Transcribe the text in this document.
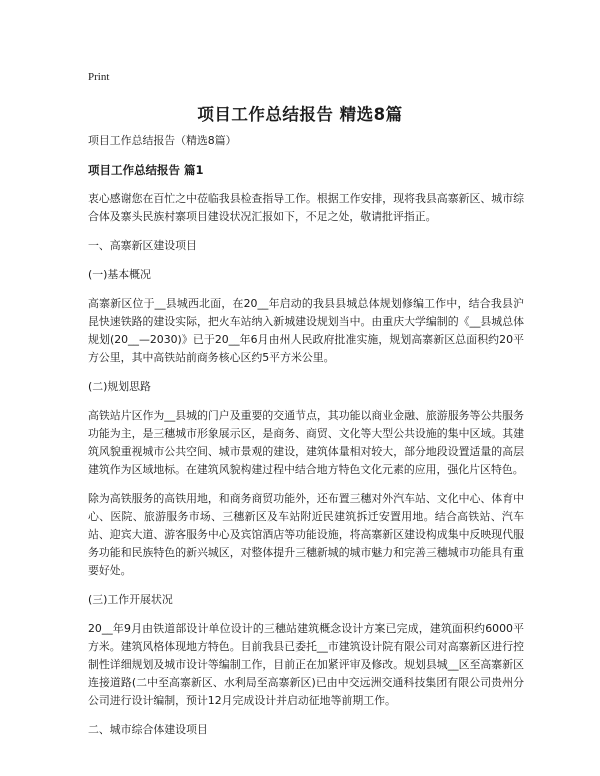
Print
项目工作总结报告 精选8篇

项目工作总结报告（精选8篇）

项目工作总结报告 篇1

衷心感谢您在百忙之中莅临我县检查指导工作。根据工作安排，现将我县高寨新区、城市综合体及寨头民族村寨项目建设状况汇报如下，不足之处，敬请批评指正。

一、高寨新区建设项目

(一)基本概况

高寨新区位于__县城西北面，在20__年启动的我县县城总体规划修编工作中，结合我县沪昆快速铁路的建设实际，把火车站纳入新城建设规划当中。由重庆大学编制的《__县城总体规划(20__—2030)》已于20__年6月由州人民政府批准实施，规划高寨新区总面积约20平方公里，其中高铁站前商务核心区约5平方米公里。

(二)规划思路

高铁站片区作为__县城的门户及重要的交通节点，其功能以商业金融、旅游服务等公共服务功能为主，是三穗城市形象展示区，是商务、商贸、文化等大型公共设施的集中区域。其建筑风貌重视城市公共空间、城市景观的建设，建筑体量相对较大，部分地段设置适量的高层建筑作为区域地标。在建筑风貌构建过程中结合地方特色文化元素的应用，强化片区特色。

除为高铁服务的高铁用地，和商务商贸功能外，还布置三穗对外汽车站、文化中心、体育中心、医院、旅游服务市场、三穗新区及车站附近民建筑拆迁安置用地。结合高铁站、汽车站、迎宾大道、游客服务中心及宾馆酒店等功能设施，将高寨新区建设构成集中反映现代服务功能和民族特色的新兴城区，对整体提升三穗新城的城市魅力和完善三穗城市功能具有重要好处。

(三)工作开展状况

20__年9月由铁道部设计单位设计的三穗站建筑概念设计方案已完成，建筑面积约6000平方米。建筑风格体现地方特色。目前我县已委托__市建筑设计院有限公司对高寨新区进行控制性详细规划及城市设计等编制工作，目前正在加紧评审及修改。规划县城__区至高寨新区连接道路(二中至高寨新区、水利局至高寨新区)已由中交远洲交通科技集团有限公司贵州分公司进行设计编制，预计12月完成设计并启动征地等前期工作。

二、城市综合体建设项目
